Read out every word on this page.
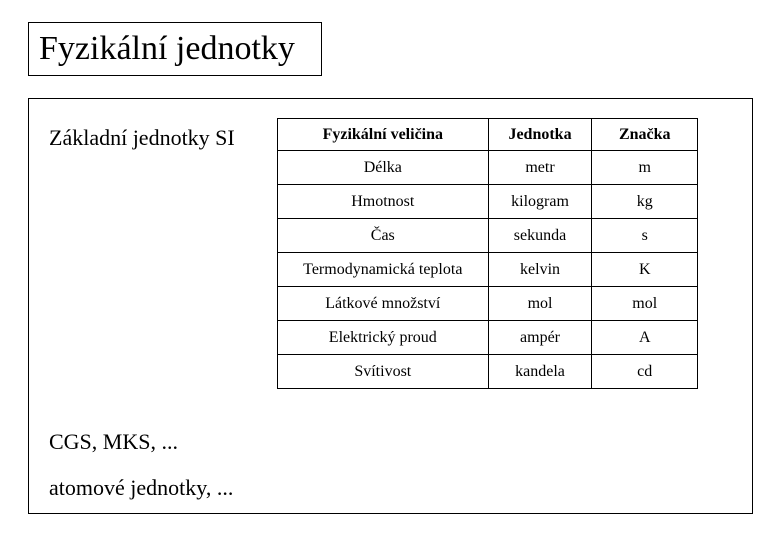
Fyzikální jednotky
Základní jednotky SI	Fyzikální veličina	Jednotka	Značka
Délka	metr	m
Hmotnost	kilogram	kg
Čas	sekunda	s
Termodynamická teplota	kelvin	K
Látkové množství	mol	mol
Elektrický proud	ampér	A
Svítivost	kandela	cd
CGS, MKS, ...
atomové jednotky, ...
